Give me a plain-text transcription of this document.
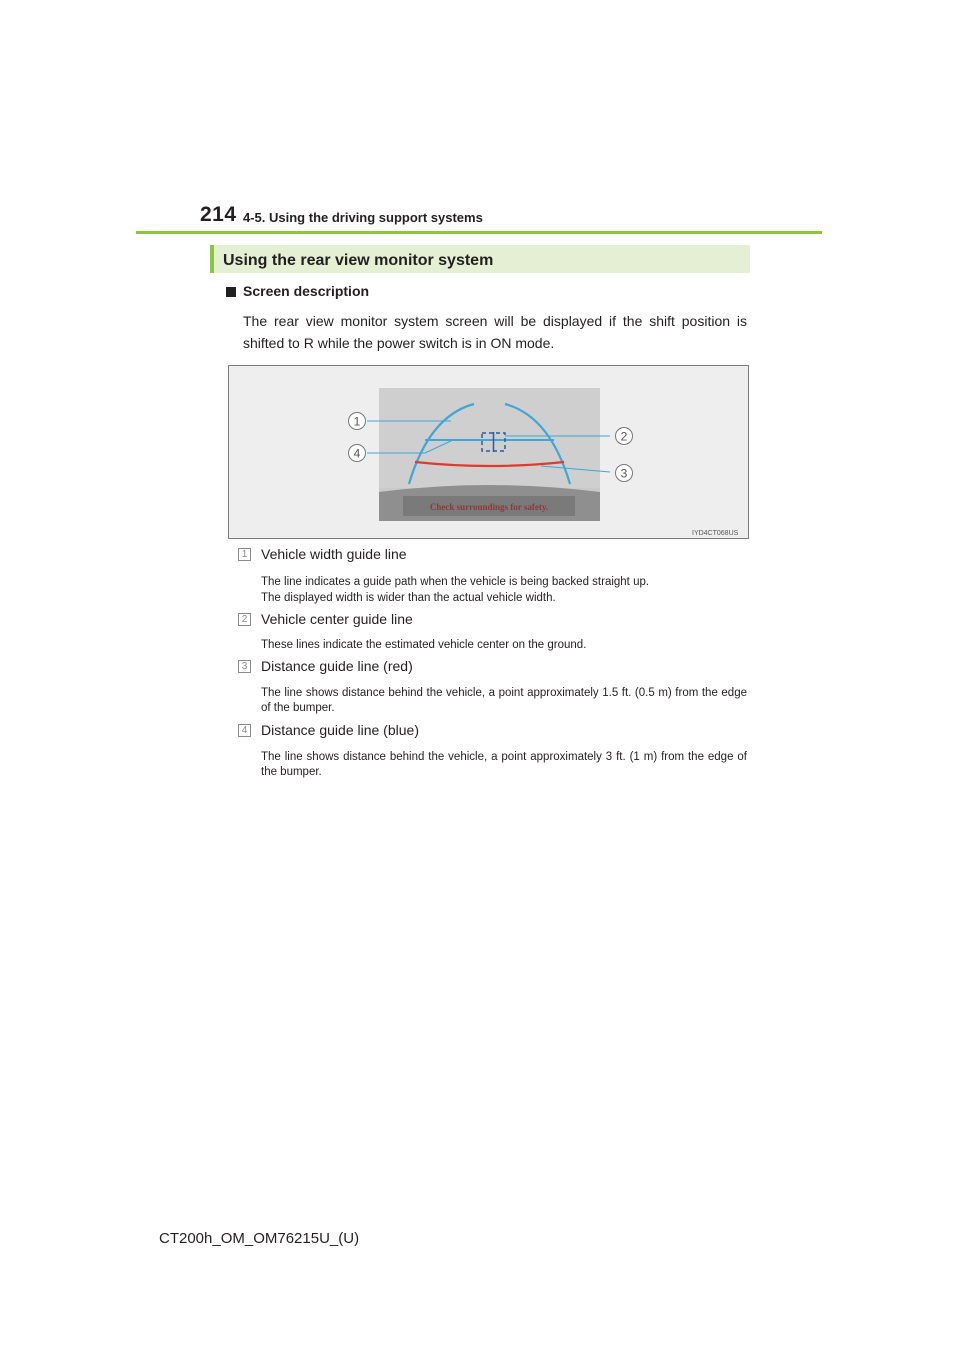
214 4-5. Using the driving support systems
Using the rear view monitor system
Screen description
The rear view monitor system screen will be displayed if the shift position is shifted to R while the power switch is in ON mode.
Check surroundings for safety.
1
2
3
4
IYD4CT068US
1 Vehicle width guide line
The line indicates a guide path when the vehicle is being backed straight up.
The displayed width is wider than the actual vehicle width.
2 Vehicle center guide line
These lines indicate the estimated vehicle center on the ground.
3 Distance guide line (red)
The line shows distance behind the vehicle, a point approximately 1.5 ft. (0.5 m) from the edge of the bumper.
4 Distance guide line (blue)
The line shows distance behind the vehicle, a point approximately 3 ft. (1 m) from the edge of the bumper.
CT200h_OM_OM76215U_(U)
